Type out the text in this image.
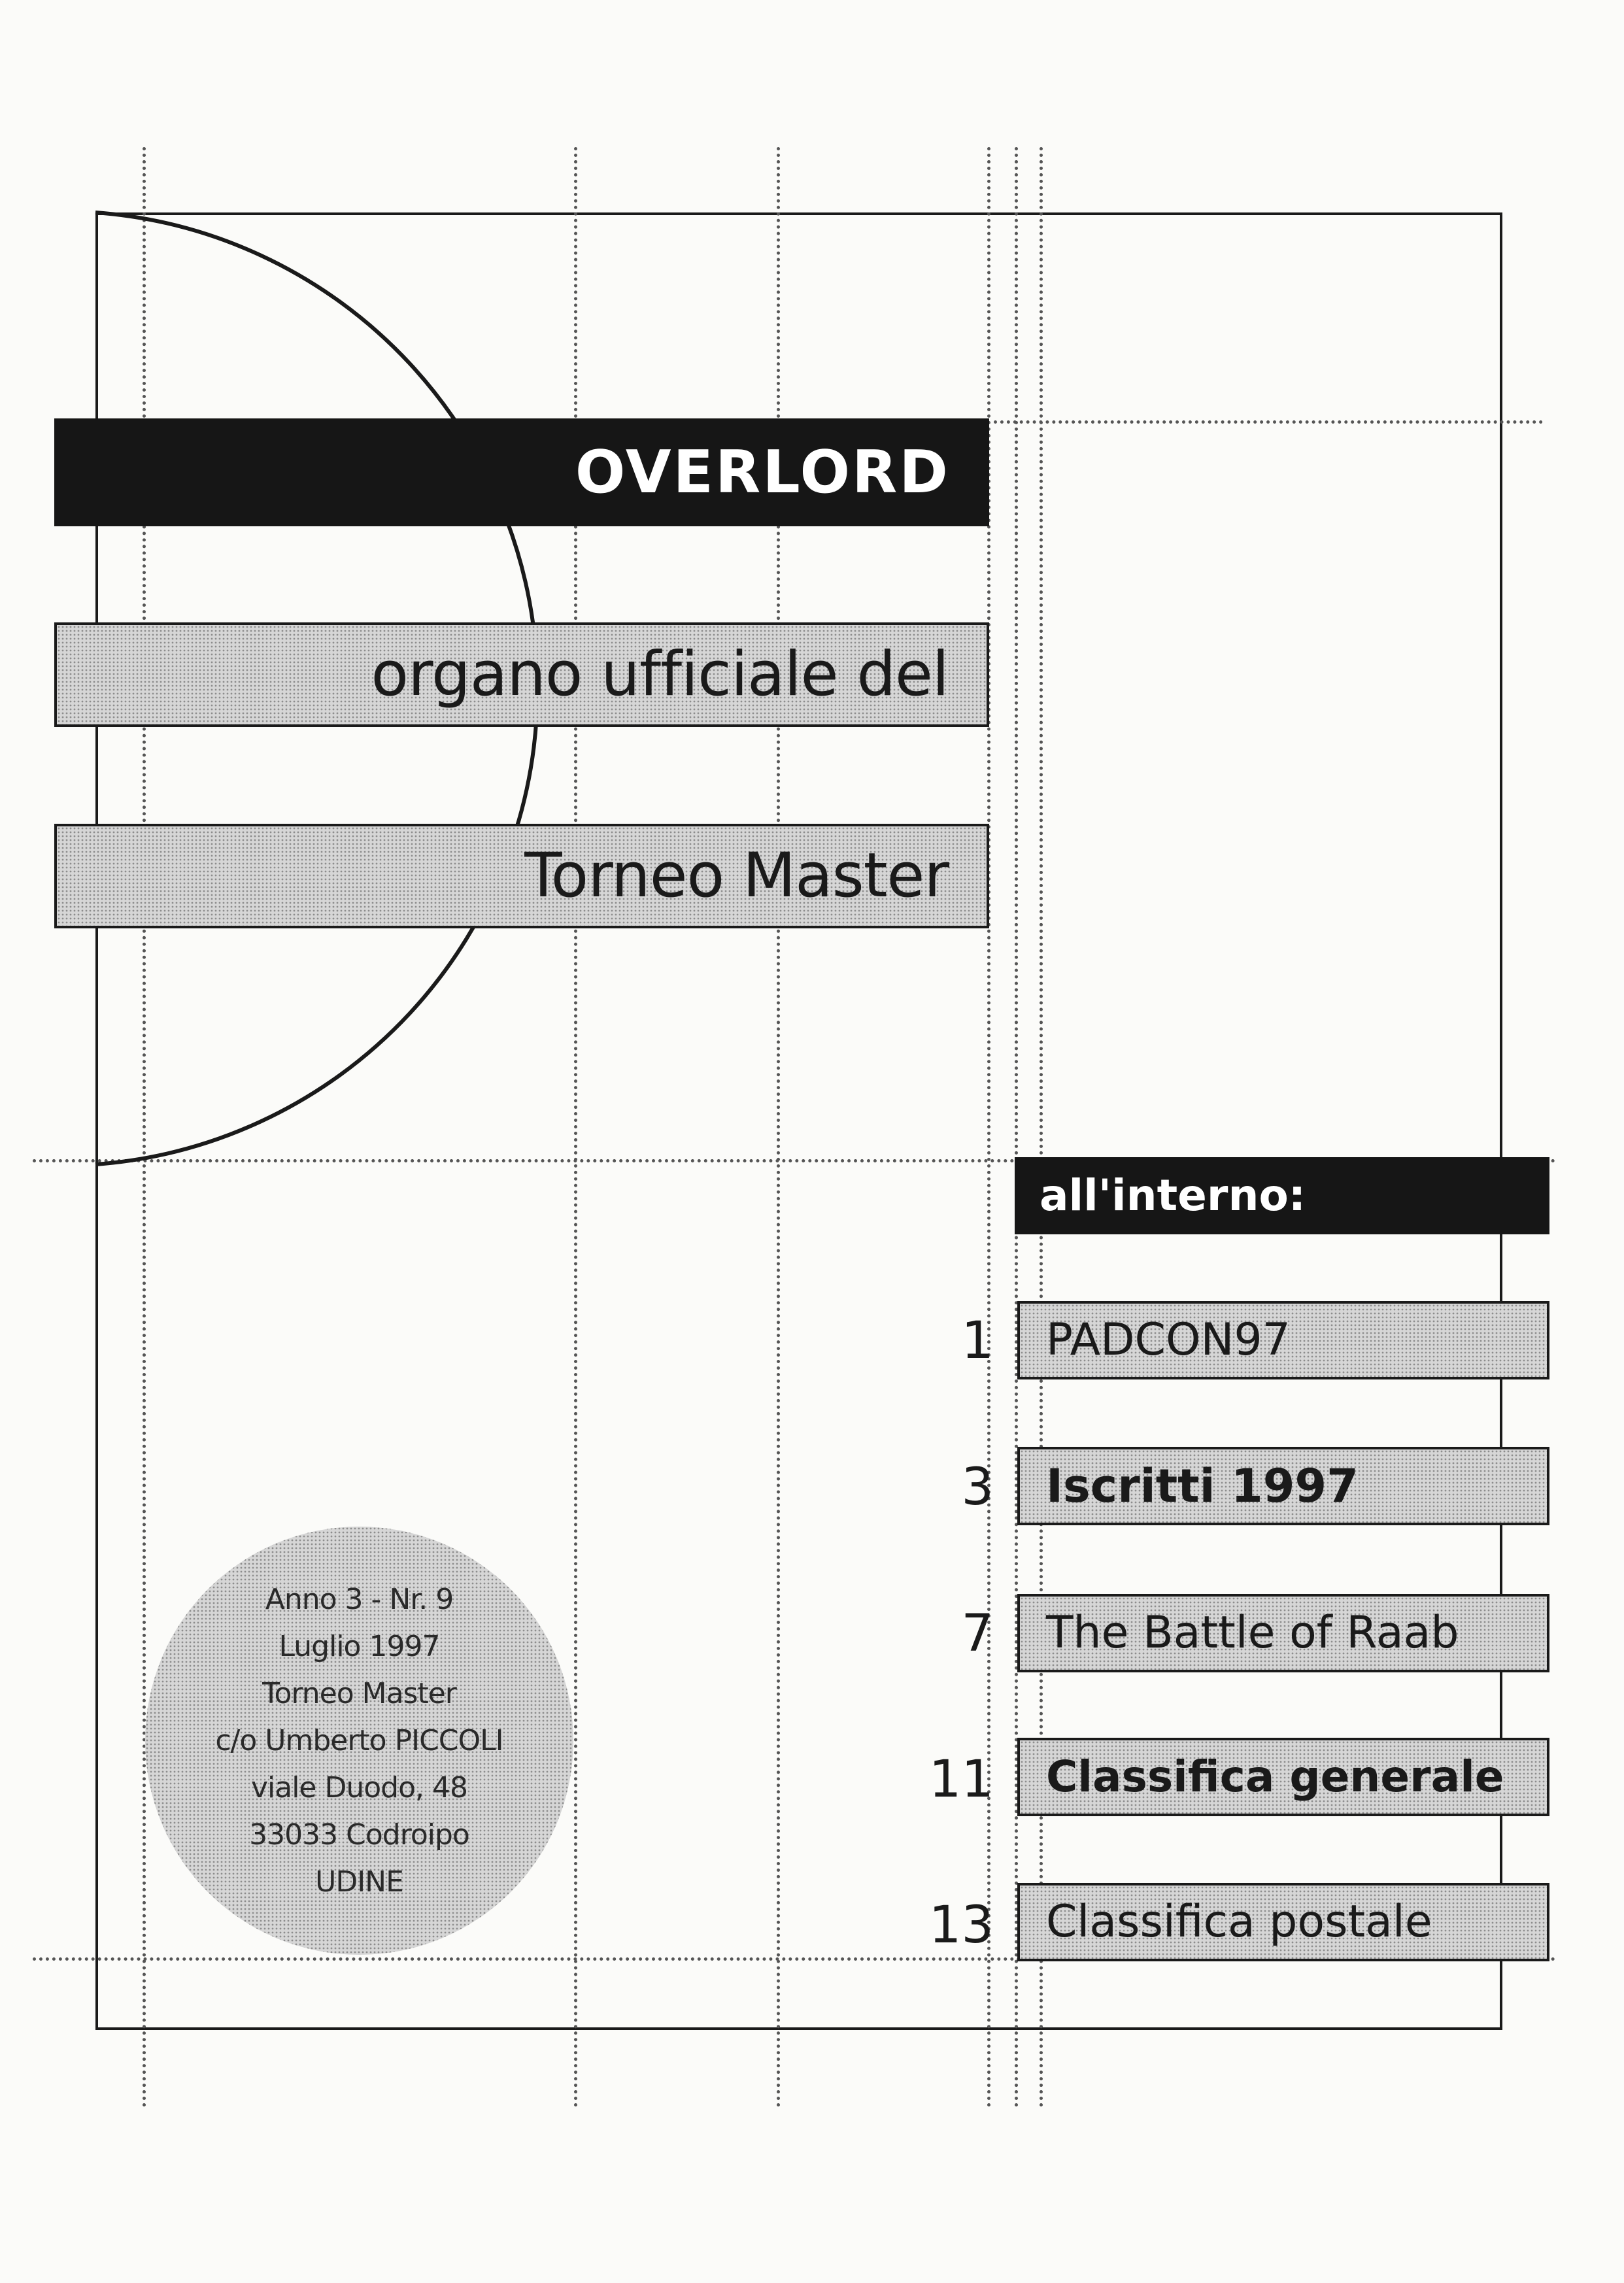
OVERLORD
organo ufficiale del
Torneo Master
all'interno:
1 PADCON97
3 Iscritti 1997
7 The Battle of Raab
11 Classifica generale
13 Classifica postale
Anno 3 - Nr. 9
Luglio 1997
Torneo Master
c/o Umberto PICCOLI
viale Duodo, 48
33033 Codroipo
UDINE
